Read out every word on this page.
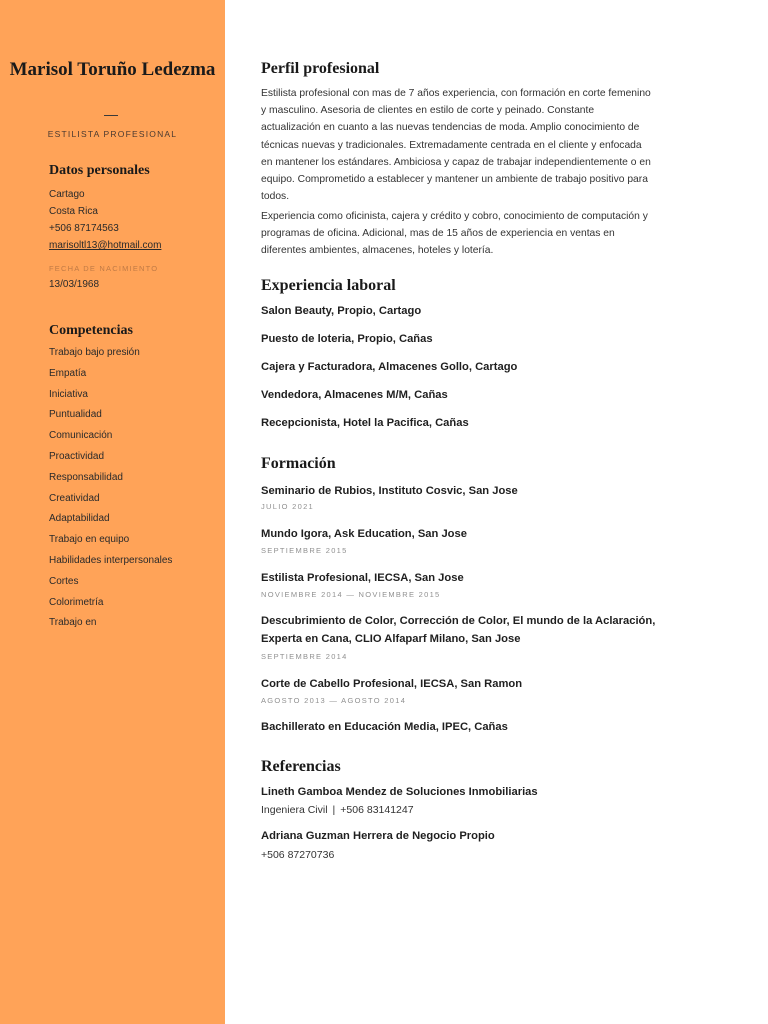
Marisol Toruño Ledezma
ESTILISTA PROFESIONAL
Datos personales
Cartago
Costa Rica
+506 87174563
marisoltl13@hotmail.com
FECHA DE NACIMIENTO
13/03/1968
Competencias
Trabajo bajo presión
Empatía
Iniciativa
Puntualidad
Comunicación
Proactividad
Responsabilidad
Creatividad
Adaptabilidad
Trabajo en equipo
Habilidades interpersonales
Cortes
Colorimetría
Trabajo en
Perfil profesional

Estilista profesional con mas de 7 años experiencia, con formación en corte femenino y masculino. Asesoria de clientes en estilo de corte y peinado. Constante actualización en cuanto a las nuevas tendencias de moda. Amplio conocimiento de técnicas nuevas y tradicionales. Extremadamente centrada en el cliente y enfocada en mantener los estándares. Ambiciosa y capaz de trabajar independientemente o en equipo. Comprometido a establecer y mantener un ambiente de trabajo positivo para todos.

Experiencia como oficinista, cajera y crédito y cobro, conocimiento de computación y programas de oficina. Adicional, mas de 15 años de experiencia en ventas en diferentes ambientes, almacenes, hoteles y lotería.

Experiencia laboral
Salon Beauty, Propio, Cartago
Puesto de loteria, Propio, Cañas
Cajera y Facturadora, Almacenes Gollo, Cartago
Vendedora, Almacenes M/M, Cañas
Recepcionista, Hotel la Pacifica, Cañas
Formación
Seminario de Rubios, Instituto Cosvic, San Jose
JULIO 2021
Mundo Igora, Ask Education, San Jose
SEPTIEMBRE 2015
Estilista Profesional, IECSA, San Jose
NOVIEMBRE 2014 — NOVIEMBRE 2015
Descubrimiento de Color, Corrección de Color, El mundo de la Aclaración, Experta en Cana, CLIO Alfaparf Milano, San Jose
SEPTIEMBRE 2014
Corte de Cabello Profesional, IECSA, San Ramon
AGOSTO 2013 — AGOSTO 2014
Bachillerato en Educación Media, IPEC, Cañas
Referencias
Lineth Gamboa Mendez de Soluciones Inmobiliarias
Ingeniera Civil | +506 83141247
Adriana Guzman Herrera de Negocio Propio
+506 87270736
